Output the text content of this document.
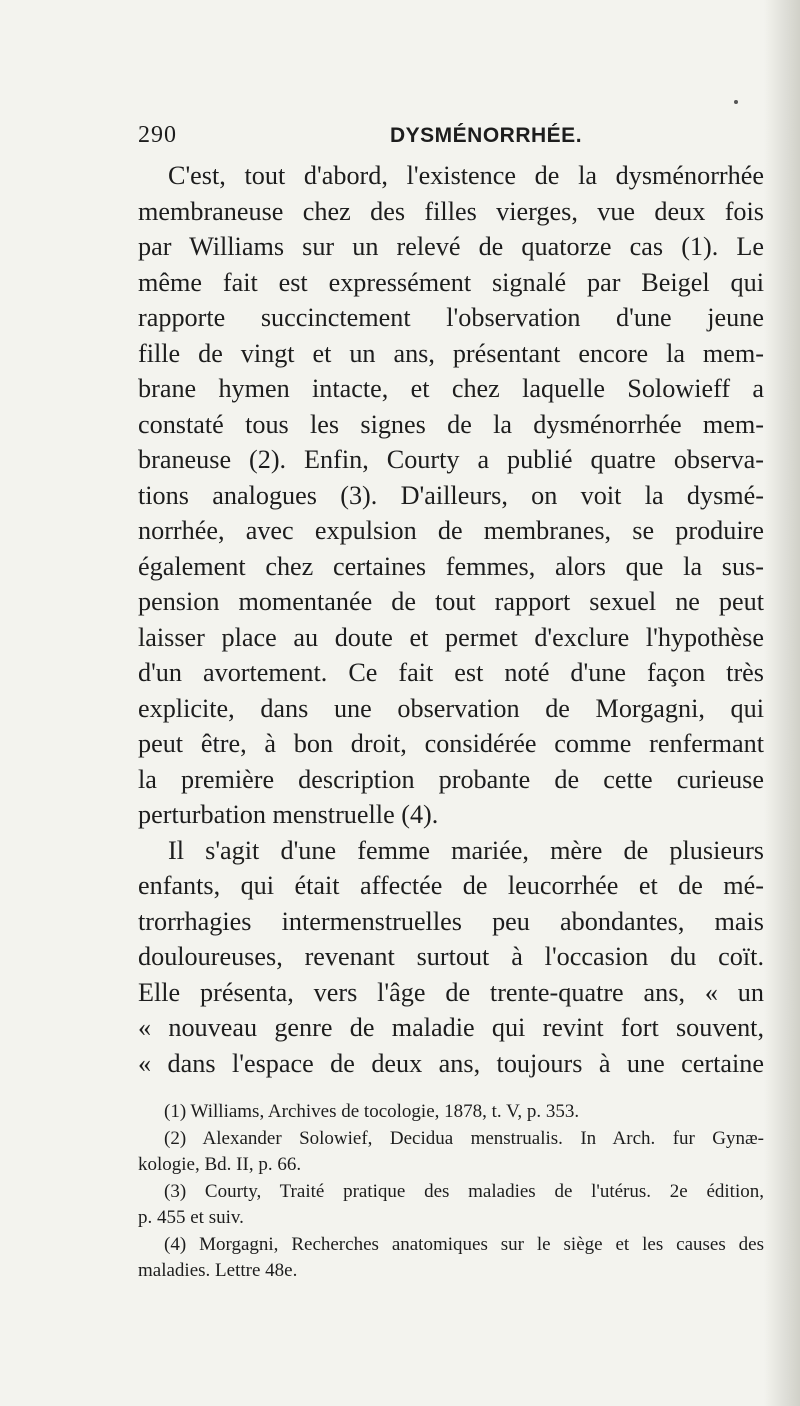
290	DYSMÉNORRHÉE.

C'est, tout d'abord, l'existence de la dysménorrhée
membraneuse chez des filles vierges, vue deux fois
par Williams sur un relevé de quatorze cas (1). Le
même fait est expressément signalé par Beigel qui
rapporte succinctement l'observation d'une jeune
fille de vingt et un ans, présentant encore la mem-
brane hymen intacte, et chez laquelle Solowieff a
constaté tous les signes de la dysménorrhée mem-
braneuse (2). Enfin, Courty a publié quatre observa-
tions analogues (3). D'ailleurs, on voit la dysmé-
norrhée, avec expulsion de membranes, se produire
également chez certaines femmes, alors que la sus-
pension momentanée de tout rapport sexuel ne peut
laisser place au doute et permet d'exclure l'hypothèse
d'un avortement. Ce fait est noté d'une façon très
explicite, dans une observation de Morgagni, qui
peut être, à bon droit, considérée comme renfermant
la première description probante de cette curieuse
perturbation menstruelle (4).
Il s'agit d'une femme mariée, mère de plusieurs
enfants, qui était affectée de leucorrhée et de mé-
trorrhagies intermenstruelles peu abondantes, mais
douloureuses, revenant surtout à l'occasion du coït.
Elle présenta, vers l'âge de trente-quatre ans, « un
« nouveau genre de maladie qui revint fort souvent,
« dans l'espace de deux ans, toujours à une certaine

(1) Williams, Archives de tocologie, 1878, t. V, p. 353.
(2) Alexander Solowief, Decidua menstrualis. In Arch. fur Gynæ-
kologie, Bd. II, p. 66.
(3) Courty, Traité pratique des maladies de l'utérus. 2e édition,
p. 455 et suiv.
(4) Morgagni, Recherches anatomiques sur le siège et les causes des
maladies. Lettre 48e.
